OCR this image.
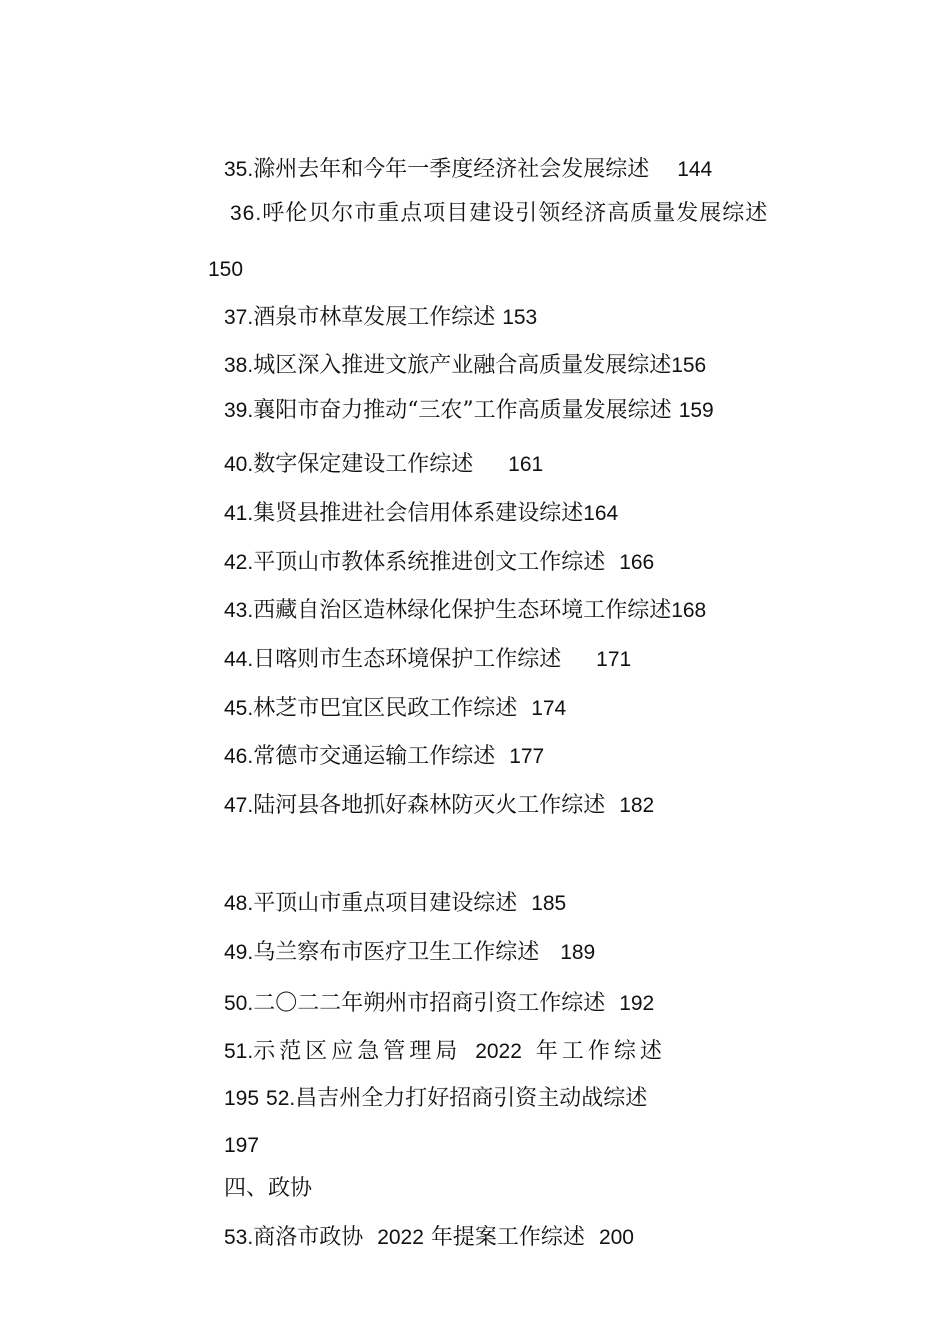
35.滁州去年和今年一季度经济社会发展综述 144

36.呼伦贝尔市重点项目建设引领经济高质量发展综述

150

37.酒泉市林草发展工作综述 153

38.城区深入推进文旅产业融合高质量发展综述156

39.襄阳市奋力推动“三农”工作高质量发展综述 159

40.数字保定建设工作综述 161

41.集贤县推进社会信用体系建设综述164

42.平顶山市教体系统推进创文工作综述 166

43.西藏自治区造林绿化保护生态环境工作综述168

44.日喀则市生态环境保护工作综述 171

45.林芝市巴宜区民政工作综述 174

46.常德市交通运输工作综述 177

47.陆河县各地抓好森林防灭火工作综述 182

48.平顶山市重点项目建设综述 185

49.乌兰察布市医疗卫生工作综述 189

50.二〇二二年朔州市招商引资工作综述 192

51.示范区应急管理局 2022 年工作综述

195 52.昌吉州全力打好招商引资主动战综述

197

四、政协

53.商洛市政协 2022 年提案工作综述 200
